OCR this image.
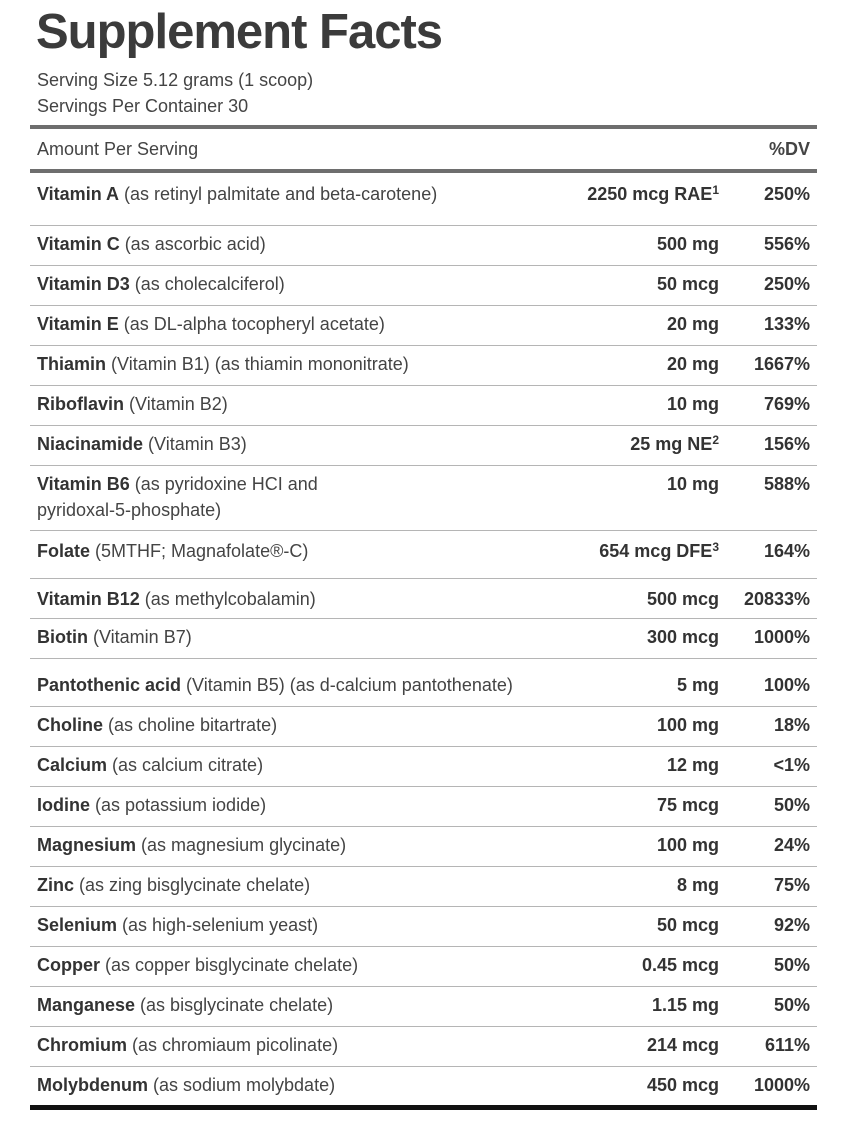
Supplement Facts
Serving Size 5.12 grams (1 scoop)
Servings Per Container 30
Amount Per Serving	%DV
Vitamin A (as retinyl palmitate and beta-carotene)	2250 mcg RAE$^1$ 250%
Vitamin C (as ascorbic acid)	500 mg 556%
Vitamin D3 (as cholecalciferol)	50 mcg 250%
Vitamin E (as DL-alpha tocopheryl acetate)	20 mg 133%
Thiamin (Vitamin B1) (as thiamin mononitrate)	20 mg 1667%
Riboflavin (Vitamin B2)	10 mg 769%
Niacinamide (Vitamin B3)	25 mg $NE^2$ 156%
Vitamin B6 (as pyridoxine HCI and pyridoxal-5-phosphate)
10 mg 588%
Folate (5MTHF; Magnafolate®-C)	654 mcg DFE$^3$ 164%
Vitamin B12 (as methylcobalamin)	500 mcg 20833%
Biotin (Vitamin B7)	300 mcg 1000%
Pantothenic acid (Vitamin B5) (as d-calcium pantothenate)	5 mg 100%
Choline (as choline bitartrate)	100 mg	18%
Calcium (as calcium citrate)	12 mg	<1%
Iodine (as potassium iodide)	75 mcg	50%
Magnesium (as magnesium glycinate)	100 mg	24%
Zinc (as zing bisglycinate chelate)	8 mg	75%
Selenium (as high-selenium yeast)	50 mcg	92%
Copper (as copper bisglycinate chelate)	0.45 mcg	50%
Manganese (as bisglycinate chelate)	1.15 mg	50%
Chromium (as chromiaum picolinate)	214 mcg	611%
Molybdenum (as sodium molybdate)	450 mcg 1000%
